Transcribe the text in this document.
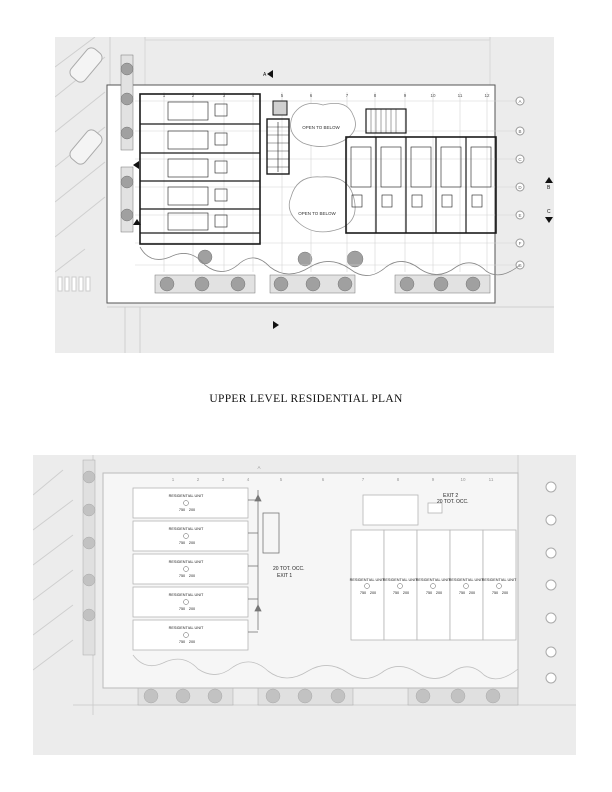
1	2	3	4	5	6	7	8	9	10	11	12
A
B
C
D
E
F
G
OPEN TO BELOW
OPEN TO BELOW
A
B
C
UPPER LEVEL RESIDENTIAL PLAN
1	2	3	4	5	6	7	8	9	10	11
A
RESIDENTIAL UNIT
750 200
RESIDENTIAL UNIT
750 200
RESIDENTIAL UNIT
750 200
RESIDENTIAL UNIT
750 200
RESIDENTIAL UNIT
750 200
20 TOT. OCC.
EXIT 1
EXIT 2
20 TOT. OCC.
RESIDENTIAL UNIT
750 200
RESIDENTIAL UNIT
750 200
RESIDENTIAL UNIT
750 200
RESIDENTIAL UNIT
750 200
RESIDENTIAL UNIT
750 200
